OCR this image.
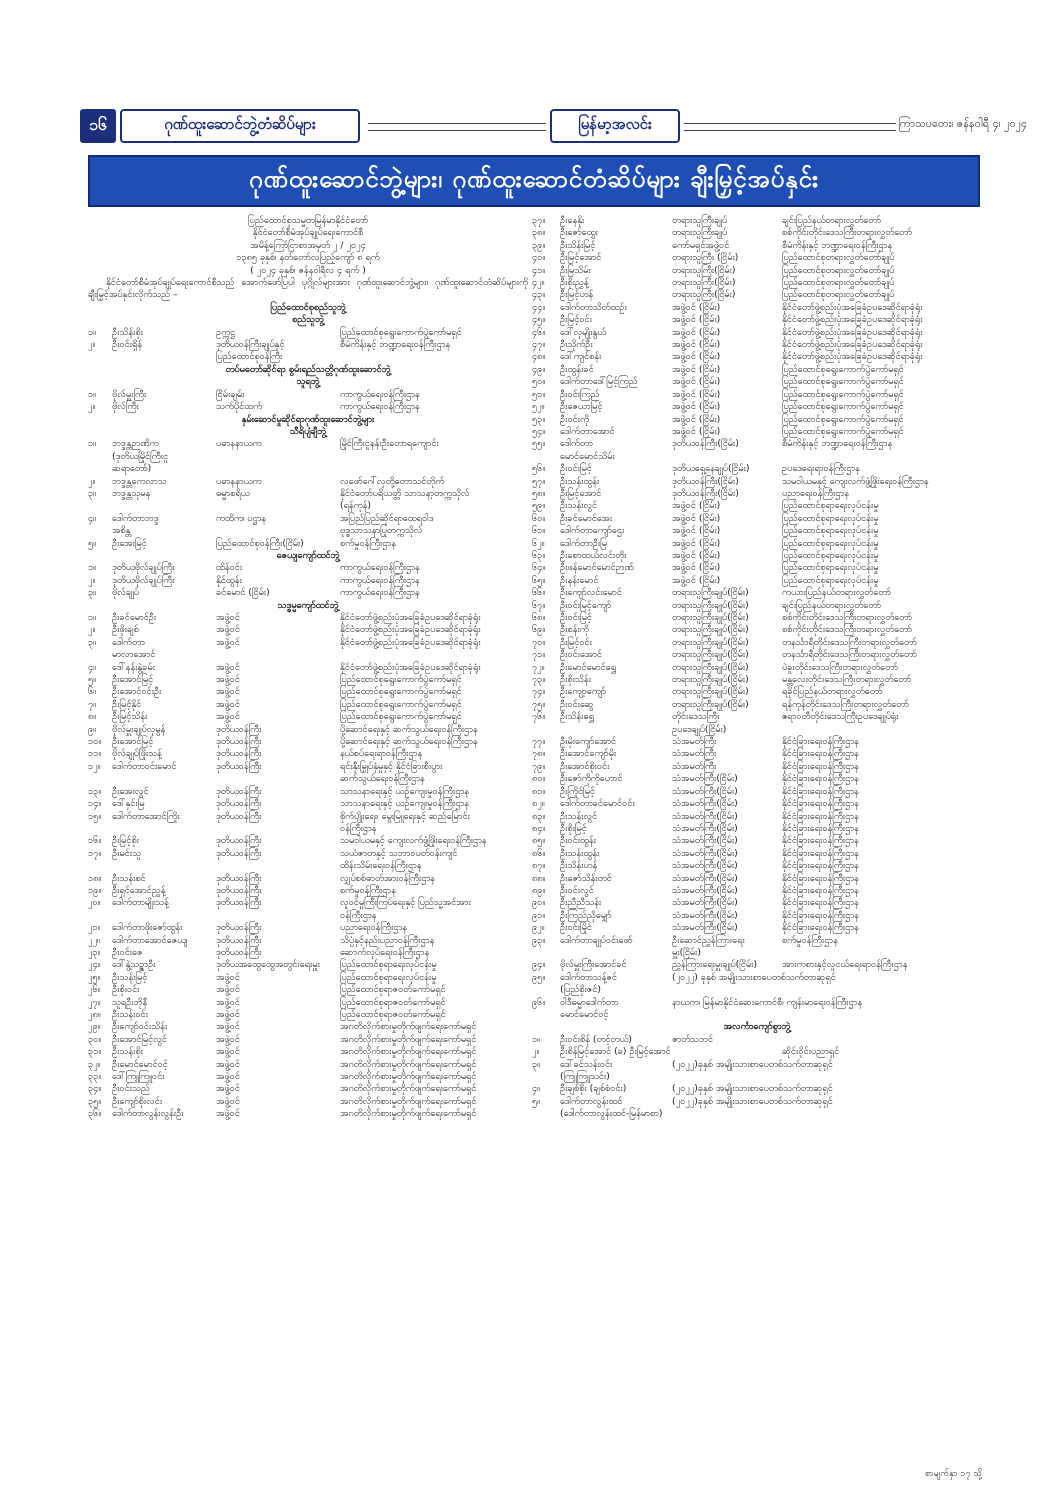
၁၆	ဂုဏ်ထူးဆောင်ဘွဲ့တံဆိပ်များ	မြန်မာ့အလင်း	ကြာသပတေး၊ ဇန်နဝါရီ ၄၊ ၂၀၂၄
ဂုဏ်ထူးဆောင်ဘွဲ့များ၊ ဂုဏ်ထူးဆောင်တံဆိပ်များ ချီးမြှင့်အပ်နှင်း
ပြည်ထောင်စုသမ္မတမြန်မာနိုင်ငံတော်
နိုင်ငံတော်စီမံအုပ်ချုပ်ရေးကောင်စီ
အမိန့်ကြော်ငြာစာအမှတ် ၂ / ၂၀၂၄
၁၃၈၅ ခုနှစ်၊ နတ်တော်လပြည့်ကျော် ၈ ရက်
( ၂၀၂၄ ခုနှစ်၊ ဇန်နဝါရီလ ၄ ရက် )
နိုင်ငံတော်စီမံအုပ်ချုပ်ရေးကောင်စီသည် အောက်ဖော်ပြပါ ပုဂ္ဂိုလ်များအား ဂုဏ်ထူးဆောင်ဘွဲ့များ၊ ဂုဏ်ထူးဆောင်တံဆိပ်များကို ချီးမြှင့်အပ်နှင်းလိုက်သည် –
ပြည်ထောင်စုစည်သူဘွဲ့
စည်သူဘွဲ့
၁။	ဦးသိန်းစိုး	ဥက္ကဋ္ဌ	ပြည်ထောင်စုရွေးကောက်ပွဲကော်မရှင်
၂။	ဦးဝင်းရှိန်	ဒုတိယဝန်ကြီးချုပ်နှင့်	စီမံကိန်းနှင့် ဘဏ္ဍာရေးဝန်ကြီးဌာန
ပြည်ထောင်စုဝန်ကြီး
တပ်မတော်ဆိုင်ရာ စွမ်းရည်သတ္တိဂုဏ်ထူးဆောင်ဘွဲ့
သူရဘွဲ့
၁။	ဗိုလ်မှူးကြီး	ငြိမ်းချမ်း	ကာကွယ်ရေးဝန်ကြီးဌာန
၂။	ဗိုလ်ကြီး	သက်ပိုင်ထက်	ကာကွယ်ရေးဝန်ကြီးဌာန
နှမ်းဆောင်မှုဆိုင်ရာဂုဏ်ထူးဆောင်ဘွဲ့များ
သီရိပျံချီဘွဲ့
၁။	ဘဒ္ဒန္တဉာဏိက	ပဓာနနာယက	မြိုင်ကြီးငူနန်းဦးတောရကျောင်း
(ဒုတိယမြိုင်ကြီးငူ
ဆရာတော်)
၂။	ဘဒ္ဒန္တကေလာသ	ပဓာနနာယက	လဖော်ဂေါ်လှတို့တောသင်တိုက်
၃။	ဘဒ္ဒန္တသုမန	ဓမ္မာစရိယ	နိုင်ငံတော်ပရိယတ္တိ သာသနာ့တက္ကသိုလ်
(ရန်ကုန်)
၄။	ဒေါက်တာဘဒ္ဒ	ကထိက၊ ပဋ္ဌာန	အပြည်ပြည်ဆိုင်ရာထေရဝါဒ
အစိန္တ	ဗုဒ္ဓသာသနာပြုတက္ကသိုလ်
၅။	ဦးအေးမြင့်	ပြည်ထောင်စုဝန်ကြီး(ငြိမ်း)	စက်မှုဝန်ကြီးဌာန
ဇေယျကျော်ထင်ဘွဲ့
၁။	ဒုတိယဗိုလ်ချုပ်ကြီး	ထိန်ဝင်း	ကာကွယ်ရေးဝန်ကြီးဌာန
၂။	ဒုတိယဗိုလ်ချုပ်ကြီး	နိုင်ထွန်း	ကာကွယ်ရေးဝန်ကြီးဌာန
၃။	ဗိုလ်ချုပ်	ခင်မောင် (ငြိမ်း)	ကာကွယ်ရေးဝန်ကြီးဌာန
သဒ္ဓမ္မကျော်ထင်ဘွဲ့
၁။	ဦးခင်မောင်ဦး	အဖွဲ့ဝင်	နိုင်ငံတော်ဖွဲ့စည်းပုံအခြေခံဥပဒေဆိုင်ရာခုံရုံး
၂။	ဦးဖိုးချစ်	အဖွဲ့ဝင်	နိုင်ငံတော်ဖွဲ့စည်းပုံအခြေခံဥပဒေဆိုင်ရာခုံရုံး
၃။	ဒေါက်တာ	အဖွဲ့ဝင်	နိုင်ငံတော်ဖွဲ့စည်းပုံအခြေခံဥပဒေဆိုင်ရာခုံရုံး
မာလာအောင်
၄။	ဒေါ်နန်းနွဲ့ခမ်း	အဖွဲ့ဝင်	နိုင်ငံတော်ဖွဲ့စည်းပုံအခြေခံဥပဒေဆိုင်ရာခုံရုံး
၅။	ဦးအောင်မြင့်	အဖွဲ့ဝင်	ပြည်ထောင်စုရွေးကောက်ပွဲကော်မရှင်
၆။	ဦးအောင်ဝင်းဦး	အဖွဲ့ဝင်	ပြည်ထောင်စုရွေးကောက်ပွဲကော်မရှင်
၇။	ဦးမြင့်နိုင်	အဖွဲ့ဝင်	ပြည်ထောင်စုရွေးကောက်ပွဲကော်မရှင်
၈။	ဦးမြင့်သိန်း	အဖွဲ့ဝင်	ပြည်ထောင်စုရွေးကောက်ပွဲကော်မရှင်
၉။	ဗိုလ်မှူးချုပ်လှမွန်	ဒုတိယဝန်ကြီး	ပို့ဆောင်ရေးနှင့် ဆက်သွယ်ရေးဝန်ကြီးဌာန
၁၀။	ဦးအောင်မြင့်	ဒုတိယဝန်ကြီး	ပို့ဆောင်ရေးနှင့် ဆက်သွယ်ရေးဝန်ကြီးဌာန
၁၁။	ဗိုလ်ချုပ်ဖြိုးသန့်	ဒုတိယဝန်ကြီး	နယ်စပ်ရေးရာဝန်ကြီးဌာန
၁၂။	ဒေါက်တာဝင်းမောင်	ဒုတိယဝန်ကြီး	ရင်းနှီးမြှုပ်နှံမှုနှင့် နိုင်ငံခြားစီးပွား
ဆက်သွယ်ရေးဝန်ကြီးဌာန
၁၃။	ဦးအေးလွင်	ဒုတိယဝန်ကြီး	သာသနာရေးနှင့် ယဉ်ကျေးမှုဝန်ကြီးဌာန
၁၄။	ဒေါ်နှင်းမြ	ဒုတိယဝန်ကြီး	သာသနာရေးနှင့် ယဉ်ကျေးမှုဝန်ကြီးဌာန
၁၅။	ဒေါက်တာအောင်ကြိုး	ဒုတိယဝန်ကြီး	စိုက်ပျိုးရေး၊ မွေးမြူရေးနှင့် ဆည်မြောင်း
ဝန်ကြီးဌာန
၁၆။	ဦးမြင့်စိုး	ဒုတိယဝန်ကြီး	သမဝါယမနှင့် ကျေးလက်ဖွံ့ဖြိုးရေးဝန်ကြီးဌာန
၁၇။	ဦးမင်းသူ	ဒုတိယဝန်ကြီး	သယံဇာတနှင့် သဘာဝပတ်ဝန်းကျင်
ထိန်းသိမ်းရေးဝန်ကြီးဌာန
၁၈။	ဦးသန်းစင်	ဒုတိယဝန်ကြီး	လျှပ်စစ်ဓာတ်အားဝန်ကြီးဌာန
၁၉။	ဦးရှင်အောင်ညွှန့်	ဒုတိယဝန်ကြီး	စက်မှုဝန်ကြီးဌာန
၂၀။	ဒေါက်တာမျိုးသန့်	ဒုတိယဝန်ကြီး	လူဝင်မှုကြီးကြပ်ရေးနှင့် ပြည်သူ့အင်အား
ဝန်ကြီးဌာန
၂၁။	ဒေါက်တာဖိုးဇော်ထွန်း	ဒုတိယဝန်ကြီး	ပညာရေးဝန်ကြီးဌာန
၂၂။	ဒေါက်တာအောင်ဇေယျ	ဒုတိယဝန်ကြီး	သိပ္ပံနှင့်နည်းပညာဝန်ကြီးဌာန
၂၃။	ဦးဝင်းဇေ	ဒုတိယဝန်ကြီး	ဆောက်လုပ်ရေးဝန်ကြီးဌာန
၂၄။	ဒေါ်နွဲ့သဉ္ဇာဦး	ဒုတိယအထွေထွေအတွင်းရေးမှူး	ပြည်ထောင်စုရာရေးလုပ်ငန်းမှု
၂၅။	ဦးသန်းမြင့်	အဖွဲ့ဝင်	ပြည်ထောင်စုရာရေးလုပ်ငန်းမှု
၂၆။	ဦးစိုးဝင်း	အဖွဲ့ဝင်	ပြည်ထောင်စုရာဇဝတ်ကော်မရှင်
၂၇။	သူရဦးဘိုနီ	အဖွဲ့ဝင်	ပြည်ထောင်စုရာဇဝတ်ကော်မရှင်
၂၈။	ဦးသန်းဝင်း	အဖွဲ့ဝင်	ပြည်ထောင်စုရာဇဝတ်ကော်မရှင်
၂၉။	ဦးကျော်ဝင်းသိန်း	အဖွဲ့ဝင်	အဂတိလိုက်စားမှုတိုက်ဖျက်ရေးကော်မရှင်
၃၀။	ဦးအောင်မြင့်လွင်	အဖွဲ့ဝင်	အဂတိလိုက်စားမှုတိုက်ဖျက်ရေးကော်မရှင်
၃၁။	ဦးသန်းစိုး	အဖွဲ့ဝင်	အဂတိလိုက်စားမှုတိုက်ဖျက်ရေးကော်မရှင်
၃၂။	ဦးမောင်မောင်ဝင့်	အဖွဲ့ဝင်	အဂတိလိုက်စားမှုတိုက်ဖျက်ရေးကော်မရှင်
၃၃။	ဒေါ်ကြူကြူဝင်း	အဖွဲ့ဝင်	အဂတိလိုက်စားမှုတိုက်ဖျက်ရေးကော်မရှင်
၃၄။	ဦးဝင်းသည်	အဖွဲ့ဝင်	အဂတိလိုက်စားမှုတိုက်ဖျက်ရေးကော်မရှင်
၃၅။	ဦးကျော်စိုးလင်း	အဖွဲ့ဝင်	အဂတိလိုက်စားမှုတိုက်ဖျက်ရေးကော်မရှင်
၃၆။	ဒေါက်တာလွန်းလွန်းဦး	အဖွဲ့ဝင်	အဂတိလိုက်စားမှုတိုက်ဖျက်ရေးကော်မရှင်
၃၇။	ဦးနေနိုး	တရားသူကြီးချုပ်	ချင်းပြည်နယ်တရားလွှတ်တော်
၃၈။	ဦးဇော်ထွေး	တရားသူကြီးချုပ်	စစ်ကိုင်းတိုင်းဒေသကြီးတရားလွှတ်တော်
၃၉။	ဦးသိန်းမြင့်	ကော်မရှင်အဖွဲ့ဝင်	စီမံကိန်းနှင့် ဘဏ္ဍာရေးဝန်ကြီးဌာန
၄၀။	ဦးမြင့်အောင်	တရားသူကြီး (ငြိမ်း)	ပြည်ထောင်စုတရားလွှတ်တော်ချုပ်
၄၁။	ဦးမြသိမ်း	တရားသူကြီး(ငြိမ်း)	ပြည်ထောင်စုတရားလွှတ်တော်ချုပ်
၄၂။	ဦးစိုးညွှန့်	တရားသူကြီး(ငြိမ်း)	ပြည်ထောင်စုတရားလွှတ်တော်ချုပ်
၄၃။	ဦးမြင့်ဟန်	တရားသူကြီး(ငြိမ်း)	ပြည်ထောင်စုတရားလွှတ်တော်ချုပ်
၄၄။	ဒေါက်တာသိတ်ထဉ်း	အဖွဲ့ဝင် (ငြိမ်း)	နိုင်ငံတော်ဖွဲ့စည်းပုံအခြေခံဥပဒေဆိုင်ရာခုံရုံး
၄၅။	ဦးမြင့်ဝင်း	အဖွဲ့ဝင် (ငြိမ်း)	နိုင်ငံတော်ဖွဲ့စည်းပုံအခြေခံဥပဒေဆိုင်ရာခုံရုံး
၄၆။	ဒေါ်လှမျိုးနွယ်	အဖွဲ့ဝင် (ငြိမ်း)	နိုင်ငံတော်ဖွဲ့စည်းပုံအခြေခံဥပဒေဆိုင်ရာခုံရုံး
၄၇။	ဦးသိုက်ဦး	အဖွဲ့ဝင် (ငြိမ်း)	နိုင်ငံတော်ဖွဲ့စည်းပုံအခြေခံဥပဒေဆိုင်ရာခုံရုံး
၄၈။	ဒေါ်ကျင်စန်း	အဖွဲ့ဝင် (ငြိမ်း)	နိုင်ငံတော်ဖွဲ့စည်းပုံအခြေခံဥပဒေဆိုင်ရာခုံရုံး
၄၉။	ဦးထွန်းခင်	အဖွဲ့ဝင် (ငြိမ်း)	ပြည်ထောင်စုရွေးကောက်ပွဲကော်မရှင်
၅၀။	ဒေါက်တာဒေါ်မြင့်ကြည်	အဖွဲ့ဝင် (ငြိမ်း)	ပြည်ထောင်စုရွေးကောက်ပွဲကော်မရှင်
၅၁။	ဦးဝင်းကြည်	အဖွဲ့ဝင် (ငြိမ်း)	ပြည်ထောင်စုရွေးကောက်ပွဲကော်မရှင်
၅၂။	ဦးဇေယာမြင့်	အဖွဲ့ဝင် (ငြိမ်း)	ပြည်ထောင်စုရွေးကောက်ပွဲကော်မရှင်
၅၃။	ဦးဝင်းကို	အဖွဲ့ဝင် (ငြိမ်း)	ပြည်ထောင်စုရွေးကောက်ပွဲကော်မရှင်
၅၄။	ဒေါက်တာအောင်	အဖွဲ့ဝင် (ငြိမ်း)	ပြည်ထောင်စုရွေးကောက်ပွဲကော်မရှင်
၅၅။	ဒေါက်တာ	ဒုတိယဝန်ကြီး(ငြိမ်း)	စီမံကိန်းနှင့် ဘဏ္ဍာရေးဝန်ကြီးဌာန
မောင်မောင်သိမ်း
၅၆။	ဦးဝင်းမြင့်	ဒုတိယရှေ့နေချုပ်(ငြိမ်း)	ဥပဒေရေးရာဝန်ကြီးဌာန
၅၇။	ဦးသန်းထွန်း	ဒုတိယဝန်ကြီး(ငြိမ်း)	သမဝါယမနှင့် ကျေးလက်ဖွံ့ဖြိုးရေးဝန်ကြီးဌာန
၅၈။	ဦးမြင့်အောင်	ဒုတိယဝန်ကြီး(ငြိမ်း)	ပညာရေးဝန်ကြီးဌာန
၅၉။	ဦးသန်းလွင်	အဖွဲ့ဝင် (ငြိမ်း)	ပြည်ထောင်စုရာရေးလုပ်ငန်းမှု
၆၀။	ဦးခင်မောင်အေး	အဖွဲ့ဝင် (ငြိမ်း)	ပြည်ထောင်စုရာရေးလုပ်ငန်းမှု
၆၁။	ဒေါက်တာကျော်ဌေး	အဖွဲ့ဝင် (ငြိမ်း)	ပြည်ထောင်စုရာရေးလုပ်ငန်းမှု
၆၂။	ဒေါက်တာဦးမြ	အဖွဲ့ဝင် (ငြိမ်း)	ပြည်ထောင်စုရာရေးလုပ်ငန်းမှု
၆၃။	ဦးစောထယ်လင်းတိုး	အဖွဲ့ဝင် (ငြိမ်း)	ပြည်ထောင်စုရာရေးလုပ်ငန်းမှု
၆၄။	ဦးဖန်မောင်မောင်ဉာဏ်	အဖွဲ့ဝင် (ငြိမ်း)	ပြည်ထောင်စုရာရေးလုပ်ငန်းမှု
၆၅။	ဦးနန်းမောင်	အဖွဲ့ဝင် (ငြိမ်း)	ပြည်ထောင်စုရာရေးလုပ်ငန်းမှု
၆၆။	ဦးကျော်လင်းမောင်	တရားသူကြီးချုပ်(ငြိမ်း)	ကယားပြည်နယ်တရားလွှတ်တော်
၆၇။	ဦးဝင်းမြင့်ကျော်	တရားသူကြီးချုပ်(ငြိမ်း)	ချင်းပြည်နယ်တရားလွှတ်တော်
၆၈။	ဦးဝင်းမြင့်	တရားသူကြီးချုပ်(ငြိမ်း)	စစ်ကိုင်းတိုင်းဒေသကြီးတရားလွှတ်တော်
၆၉။	ဦးစန်းကို	တရားသူကြီးချုပ်(ငြိမ်း)	စစ်ကိုင်းတိုင်းဒေသကြီးတရားလွှတ်တော်
၇၀။	ဦးမြင့်ဝင်း	တရားသူကြီးချုပ်(ငြိမ်း)	တနင်္သာရီတိုင်းဒေသကြီးတရားလွှတ်တော်
၇၁။	ဦးဝင်းအောင်	တရားသူကြီးချုပ်(ငြိမ်း)	တနင်္သာရီတိုင်းဒေသကြီးတရားလွှတ်တော်
၇၂။	ဦးမောင်မောင်ရွှေ	တရားသူကြီးချုပ်(ငြိမ်း)	ပဲခူးတိုင်းဒေသကြီးတရားလွှတ်တော်
၇၃။	ဦးစိုးသိန်း	တရားသူကြီးချုပ်(ငြိမ်း)	မန္တလေးတိုင်းဒေသကြီးတရားလွှတ်တော်
၇၄။	ဦးကျော့ကျော်	တရားသူကြီးချုပ်(ငြိမ်း)	ရခိုင်ပြည်နယ်တရားလွှတ်တော်
၇၅။	ဦးဝင်းဆွေ	တရားသူကြီးချုပ်(ငြိမ်း)	ရန်ကုန်တိုင်းဒေသကြီးတရားလွှတ်တော်
၇၆။	ဦးသိန်းရွှေ	တိုင်းဒေသကြီး	ဧရာဝတီတိုင်းဒေသကြီးဥပဒေချုပ်ရုံး
ဥပဒေချုပ်(ငြိမ်း)
၇၇။	ဦးမိုးကျော်အောင်	သံအမတ်ကြီး	နိုင်ငံခြားရေးဝန်ကြီးဌာန
၇၈။	ဦးအောင်ကျော်မိုး	သံအမတ်ကြီး	နိုင်ငံခြားရေးဝန်ကြီးဌာန
၇၉။	ဦးအောင်စိုးဝင်း	သံအမတ်ကြီး	နိုင်ငံခြားရေးဝန်ကြီးဌာန
၈၀။	ဦးဇော်ကိုကိုဟောင်	သံအမတ်ကြီး(ငြိမ်း)	နိုင်ငံခြားရေးဝန်ကြီးဌာန
၈၁။	ဦးကြိုင်မြင့်	သံအမတ်ကြီး(ငြိမ်း)	နိုင်ငံခြားရေးဝန်ကြီးဌာန
၈၂။	ဒေါက်တာခင်မောင်ဝင်း	သံအမတ်ကြီး(ငြိမ်း)	နိုင်ငံခြားရေးဝန်ကြီးဌာန
၈၃။	ဦးသန်းလွင်	သံအမတ်ကြီး(ငြိမ်း)	နိုင်ငံခြားရေးဝန်ကြီးဌာန
၈၄။	ဦးစိုးမြင့်	သံအမတ်ကြီး(ငြိမ်း)	နိုင်ငံခြားရေးဝန်ကြီးဌာန
၈၅။	ဦးဝင်းထွန်း	သံအမတ်ကြီး(ငြိမ်း)	နိုင်ငံခြားရေးဝန်ကြီးဌာန
၈၆။	ဦးသန်းထွန်း	သံအမတ်ကြီး(ငြိမ်း)	နိုင်ငံခြားရေးဝန်ကြီးဌာန
၈၇။	ဦးသိန်းဟန်	သံအမတ်ကြီး(ငြိမ်း)	နိုင်ငံခြားရေးဝန်ကြီးဌာန
၈၈။	ဦးဇော်သိန်းတင်	သံအမတ်ကြီး(ငြိမ်း)	နိုင်ငံခြားရေးဝန်ကြီးဌာန
၈၉။	ဦးဝင်းလွင်	သံအမတ်ကြီး(ငြိမ်း)	နိုင်ငံခြားရေးဝန်ကြီးဌာန
၉၀။	ဦးညီညီသန်း	သံအမတ်ကြီး(ငြိမ်း)	နိုင်ငံခြားရေးဝန်ကြီးဌာန
၉၁။	ဦးကြည်ညိုမျှော်	သံအမတ်ကြီး(ငြိမ်း)	နိုင်ငံခြားရေးဝန်ကြီးဌာန
၉၂။	ဦးဝင်းမြိုင်	သံအမတ်ကြီး(ငြိမ်း)	နိုင်ငံခြားရေးဝန်ကြီးဌာန
၉၃။	ဒေါက်တာချုပ်ဝင်းဖော်	ဦးဆောင်ညွှန်ကြားရေး	စက်မှုဝန်ကြီးဌာန
မှူး(ငြိမ်း)
၉၄။	ဗိုလ်မှူးကြီးအောင်ခင်	ညွှန်ကြားရေးမှူးချုပ်(ငြိမ်း)	အားကစားနှင့်လူငယ်ရေးရာဝန်ကြီးဌာန
၉၅။	ဒေါက်တာသန့်ဇင်	(၂၀၂၂) ခုနှစ် အမျိုးသားစာပေတစ်သက်တာဆုရှင်
(ပြည်စိုးဇင်)
၉၆။	ဝါဒီဓမ္မာဒေါက်တာ	နာယက၊ မြန်မာနိုင်ငံဆေးကောင်စီ၊ ကျန်းမာရေးဝန်ကြီးဌာန
မောင်မောင်ဝင့်
အလင်္ကာကျော်စွာဘွဲ့
၁။	ဦးဝင်းစိန် (တင့်တယ်)	ဇာတ်သဘင်
၂။	ဦးစိန်မြင့်အောင် (ခ) ဦးမြင့်အောင်	ဆိုင်းဝိုင်းပညာရှင်
၃။	ဒေါ်ခင်သန်းဝင်း	(၂၀၂၂)ခုနှစ် အမျိုးသားစာပေတစ်သက်တာဆုရှင်
(ကြူကြူသင်း)
၄။	ဦးချစ်စိုး (ချစ်စံဝင်း)	(၂၀၂၂)ခုနှစ် အမျိုးသားစာပေတစ်သက်တာဆုရှင်
၅။	ဒေါက်တာလွန်းထင်	(၂၀၂၂)ခုနှစ် အမျိုးသားစာပေတစ်သက်တာဆုရှင်
(ဒေါက်တာလွန်းထင်-မြန်မာစာ)
စာမျက်နှာ ၁၇ သို့
